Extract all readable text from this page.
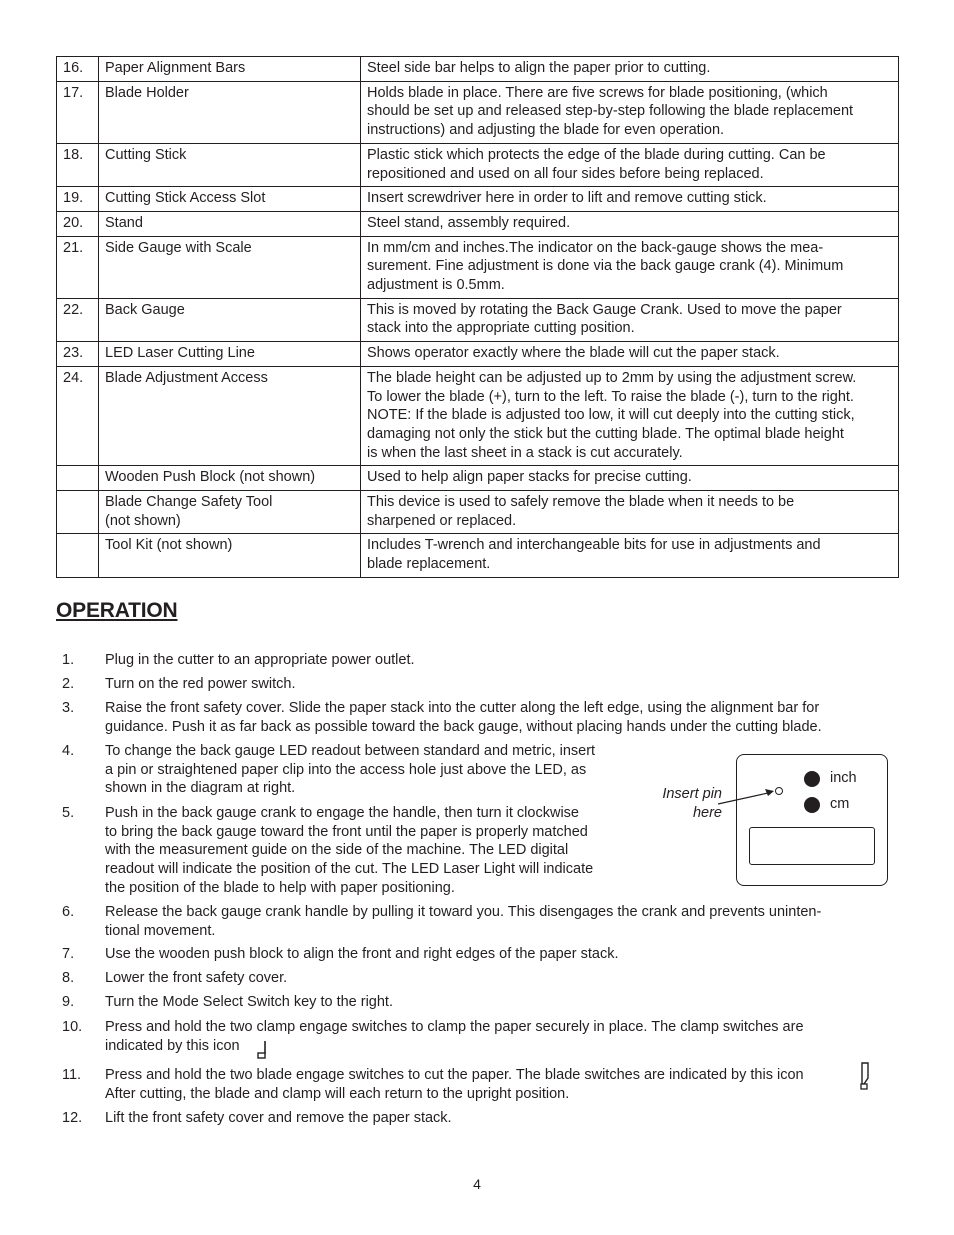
16.	Paper Alignment Bars	Steel side bar helps to align the paper prior to cutting.
17.	Blade Holder	Holds blade in place. There are five screws for blade positioning, (which
should be set up and released step-by-step following the blade replacement
instructions) and adjusting the blade for even operation.
18.	Cutting Stick	Plastic stick which protects the edge of the blade during cutting. Can be
repositioned and used on all four sides before being replaced.
19.	Cutting Stick Access Slot	Insert screwdriver here in order to lift and remove cutting stick.
20.	Stand	Steel stand, assembly required.
21.	Side Gauge with Scale	In mm/cm and inches.The indicator on the back-gauge shows the mea-
surement. Fine adjustment is done via the back gauge crank (4). Minimum
adjustment is 0.5mm.
22.	Back Gauge	This is moved by rotating the Back Gauge Crank. Used to move the paper
stack into the appropriate cutting position.
23.	LED Laser Cutting Line	Shows operator exactly where the blade will cut the paper stack.
24.	Blade Adjustment Access	The blade height can be adjusted up to 2mm by using the adjustment screw.
To lower the blade (+), turn to the left. To raise the blade (-), turn to the right.
NOTE: If the blade is adjusted too low, it will cut deeply into the cutting stick,
damaging not only the stick but the cutting blade. The optimal blade height
is when the last sheet in a stack is cut accurately.
	Wooden Push Block (not shown)	Used to help align paper stacks for precise cutting.
	Blade Change Safety Tool
(not shown)	This device is used to safely remove the blade when it needs to be
sharpened or replaced.
	Tool Kit (not shown)	Includes T-wrench and interchangeable bits for use in adjustments and
blade replacement.
OPERATION
1.	Plug in the cutter to an appropriate power outlet.
2.	Turn on the red power switch.
3.	Raise the front safety cover. Slide the paper stack into the cutter along the left edge, using the alignment bar for
guidance. Push it as far back as possible toward the back gauge, without placing hands under the cutting blade.
4.	To change the back gauge LED readout between standard and metric, insert
a pin or straightened paper clip into the access hole just above the LED, as
shown in the diagram at right.
5.	Push in the back gauge crank to engage the handle, then turn it clockwise
to bring the back gauge toward the front until the paper is properly matched
with the measurement guide on the side of the machine. The LED digital
readout will indicate the position of the cut. The LED Laser Light will indicate
the position of the blade to help with paper positioning.
6.	Release the back gauge crank handle by pulling it toward you. This disengages the crank and prevents uninten-
tional movement.
7.	Use the wooden push block to align the front and right edges of the paper stack.
8.	Lower the front safety cover.
9.	Turn the Mode Select Switch key to the right.
10.	Press and hold the two clamp engage switches to clamp the paper securely in place. The clamp switches are
indicated by this icon
11.	Press and hold the two blade engage switches to cut the paper. The blade switches are indicated by this icon
After cutting, the blade and clamp will each return to the upright position.
12.	Lift the front safety cover and remove the paper stack.
Insert pin
here
inch
cm
4
